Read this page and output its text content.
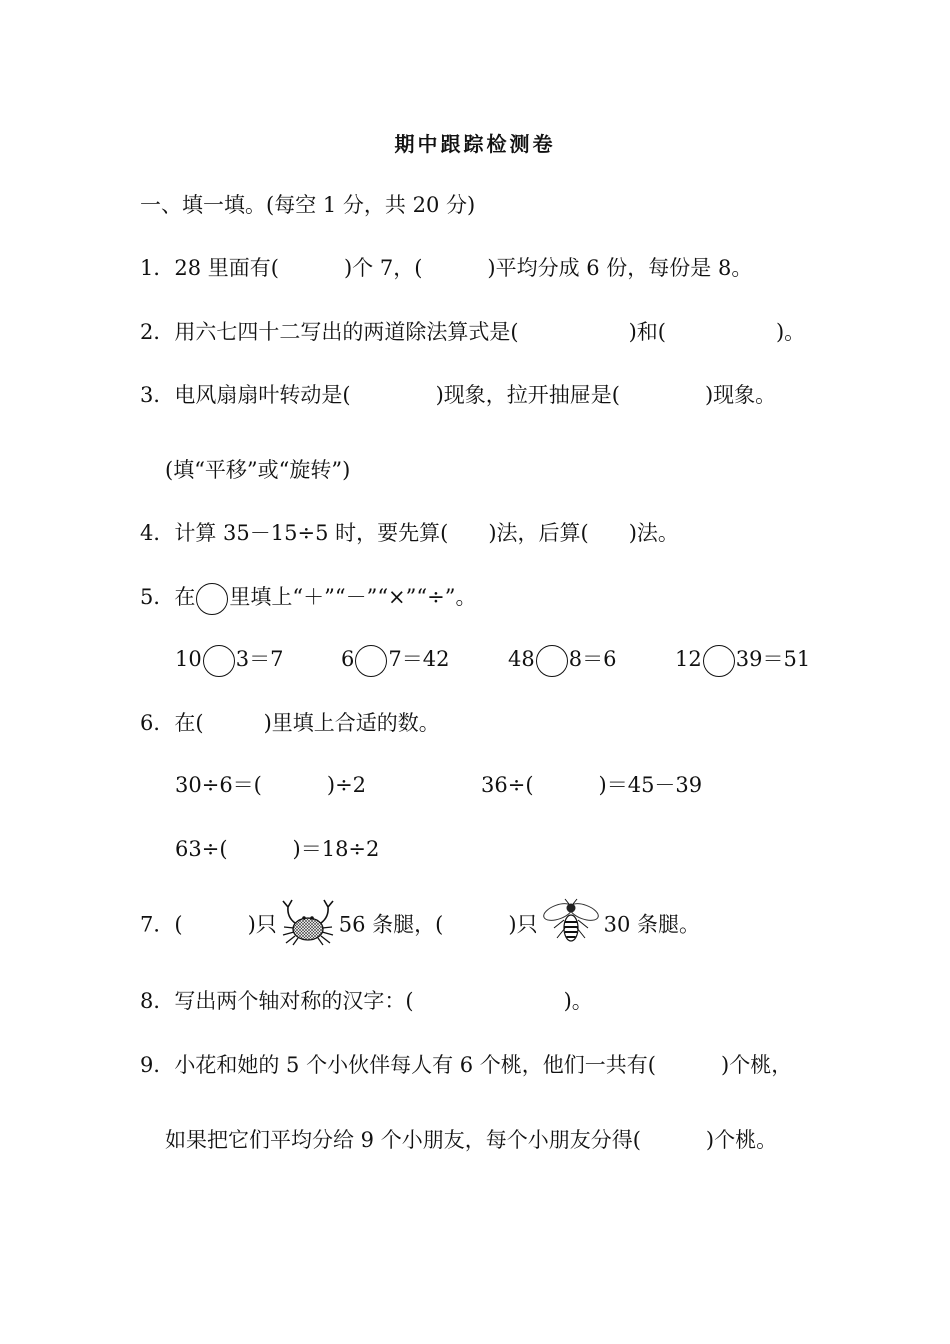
期中跟踪检测卷
一、填一填。(每空 1 分，共 20 分)
1．28 里面有(	)个 7，(	)平均分成 6 份，每份是 8。
2．用六七四十二写出的两道除法算式是(	)和(	)。
3．电风扇扇叶转动是(	)现象，拉开抽屉是(	)现象。
(填“平移”或“旋转”)
4．计算 35－15÷5 时，要先算( )法，后算( )法。
5．在 里填上“＋”“－”“×”“÷”。
10 3＝7	6 7＝42	48 8＝6	12 39＝51
6．在(	)里填上合适的数。
30÷6＝(	)÷2	36÷(	)＝45－39
63÷(	)＝18÷2
7．(	)只	56 条腿，(	)只	30 条腿。
8．写出两个轴对称的汉字：(	)。
9．小花和她的 5 个小伙伴每人有 6 个桃，他们一共有(	)个桃，
如果把它们平均分给 9 个小朋友，每个小朋友分得(	)个桃。
